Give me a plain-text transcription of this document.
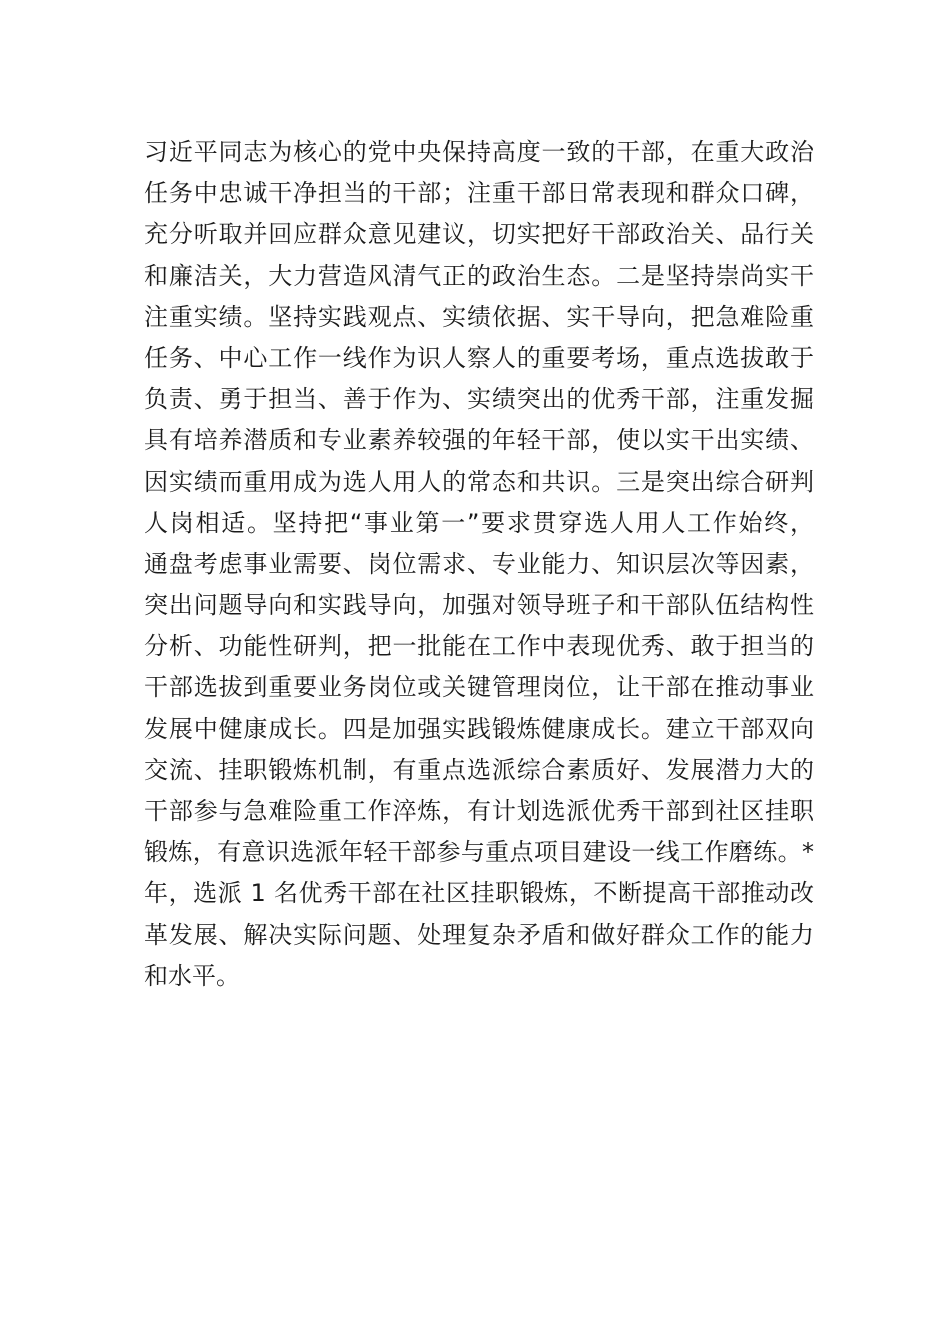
习近平同志为核心的党中央保持高度一致的干部，在重大政治
任务中忠诚干净担当的干部；注重干部日常表现和群众口碑，
充分听取并回应群众意见建议，切实把好干部政治关、品行关
和廉洁关，大力营造风清气正的政治生态。二是坚持崇尚实干
注重实绩。坚持实践观点、实绩依据、实干导向，把急难险重
任务、中心工作一线作为识人察人的重要考场，重点选拔敢于
负责、勇于担当、善于作为、实绩突出的优秀干部，注重发掘
具有培养潜质和专业素养较强的年轻干部，使以实干出实绩、
因实绩而重用成为选人用人的常态和共识。三是突出综合研判
人岗相适。坚持把“事业第一”要求贯穿选人用人工作始终，
通盘考虑事业需要、岗位需求、专业能力、知识层次等因素，
突出问题导向和实践导向，加强对领导班子和干部队伍结构性
分析、功能性研判，把一批能在工作中表现优秀、敢于担当的
干部选拔到重要业务岗位或关键管理岗位，让干部在推动事业
发展中健康成长。四是加强实践锻炼健康成长。建立干部双向
交流、挂职锻炼机制，有重点选派综合素质好、发展潜力大的
干部参与急难险重工作淬炼，有计划选派优秀干部到社区挂职
锻炼，有意识选派年轻干部参与重点项目建设一线工作磨练。*
年，选派 1 名优秀干部在社区挂职锻炼，不断提高干部推动改
革发展、解决实际问题、处理复杂矛盾和做好群众工作的能力
和水平。
